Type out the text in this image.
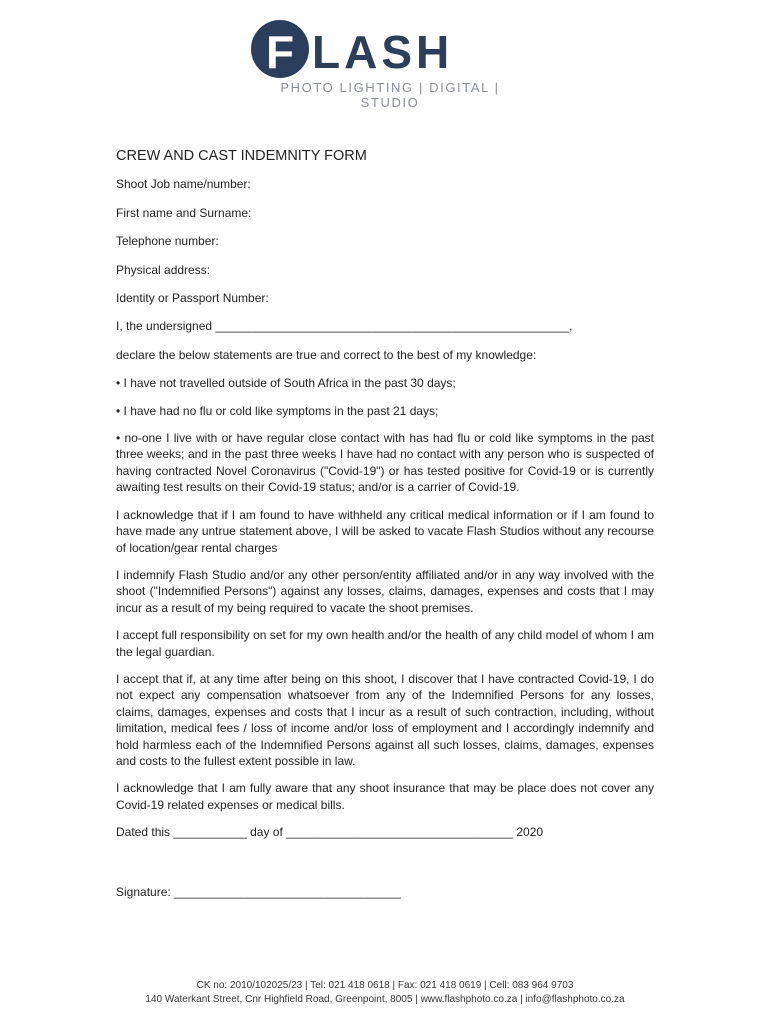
F LASH
PHOTO LIGHTING | DIGITAL | STUDIO
CREW AND CAST INDEMNITY FORM
Shoot Job name/number:
First name and Surname:
Telephone number:
Physical address:
Identity or Passport Number:
I, the undersigned _____________________________________________________,
declare the below statements are true and correct to the best of my knowledge:
• I have not travelled outside of South Africa in the past 30 days;
• I have had no flu or cold like symptoms in the past 21 days;
• no-one I live with or have regular close contact with has had flu or cold like symptoms in the past three weeks; and in the past three weeks I have had no contact with any person who is suspected of having contracted Novel Coronavirus ("Covid-19") or has tested positive for Covid-19 or is currently awaiting test results on their Covid-19 status; and/or is a carrier of Covid-19.
I acknowledge that if I am found to have withheld any critical medical information or if I am found to have made any untrue statement above, I will be asked to vacate Flash Studios without any recourse of location/gear rental charges
I indemnify Flash Studio and/or any other person/entity affiliated and/or in any way involved with the shoot ("Indemnified Persons") against any losses, claims, damages, expenses and costs that I may incur as a result of my being required to vacate the shoot premises.
I accept full responsibility on set for my own health and/or the health of any child model of whom I am the legal guardian.
I accept that if, at any time after being on this shoot, I discover that I have contracted Covid-19, I do not expect any compensation whatsoever from any of the Indemnified Persons for any losses, claims, damages, expenses and costs that I incur as a result of such contraction, including, without limitation, medical fees / loss of income and/or loss of employment and I accordingly indemnify and hold harmless each of the Indemnified Persons against all such losses, claims, damages, expenses and costs to the fullest extent possible in law.
I acknowledge that I am fully aware that any shoot insurance that may be place does not cover any Covid-19 related expenses or medical bills.
Dated this ___________ day of __________________________________ 2020
Signature: __________________________________
CK no: 2010/102025/23 | Tel: 021 418 0618 | Fax: 021 418 0619 | Cell: 083 964 9703
140 Waterkant Street, Cnr Highfield Road, Greenpoint, 8005 | www.flashphoto.co.za | info@flashphoto.co.za
